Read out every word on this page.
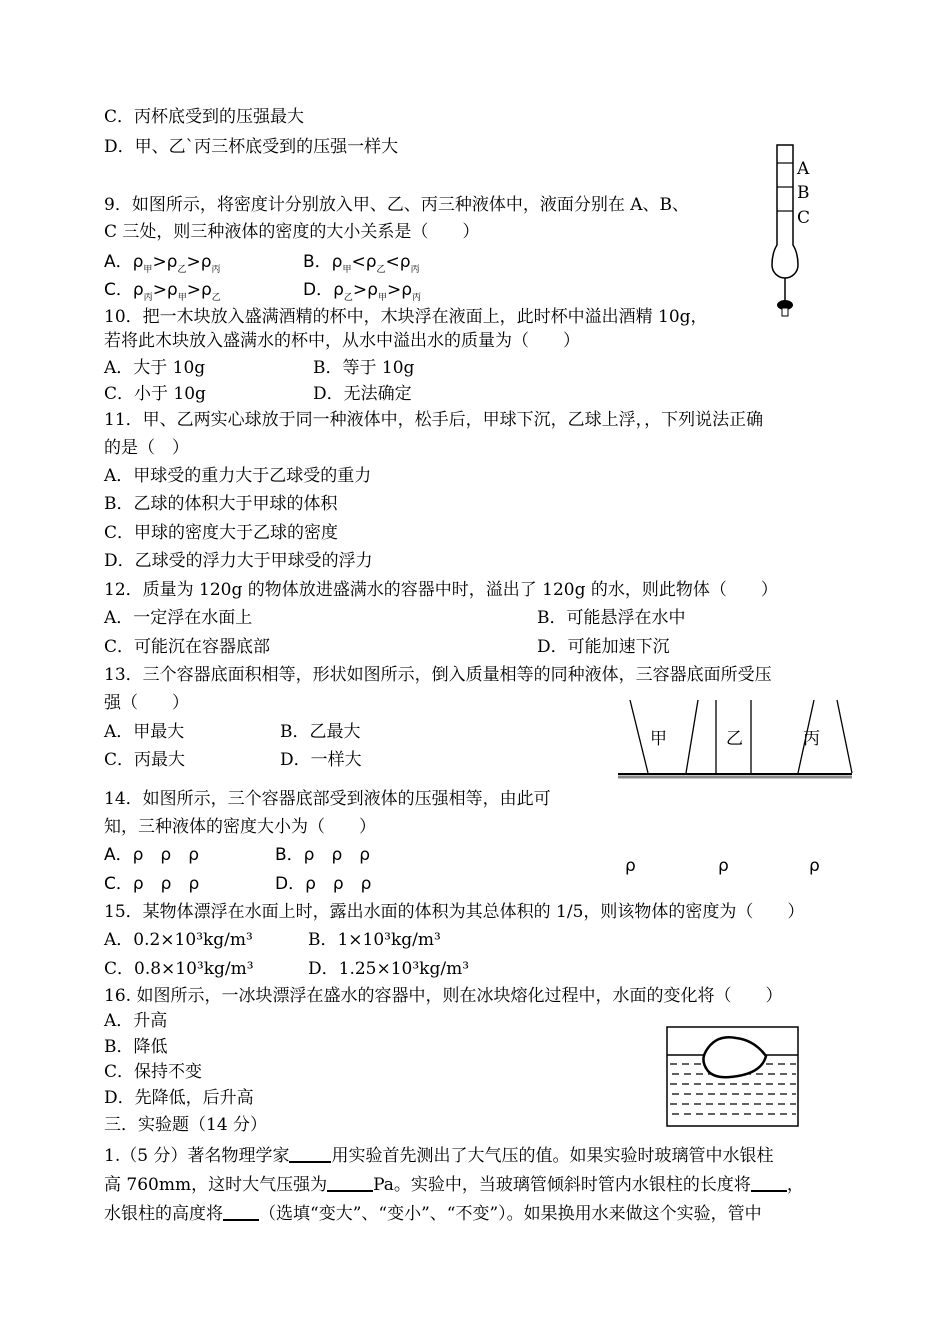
C．丙杯底受到的压强最大
D．甲、乙`丙三杯底受到的压强一样大
A
B
C
9．如图所示，将密度计分别放入甲、乙、丙三种液体中，液面分别在 A、B、
C 三处，则三种液体的密度的大小关系是（　　）
A．$\rho_甲>\rho_乙>\rho_丙$	B．$\rho_甲<\rho_乙<\rho_丙$
C．$\rho_丙>\rho_甲>\rho_乙$	D．$\rho_乙>\rho_甲>\rho_丙$
10．把一木块放入盛满酒精的杯中，木块浮在液面上，此时杯中溢出酒精 10g，
若将此木块放入盛满水的杯中，从水中溢出水的质量为（　　）
A．大于 10g	B．等于 10g
C．小于 10g	D．无法确定
11．甲、乙两实心球放于同一种液体中，松手后，甲球下沉，乙球上浮，，下列说法正确
的是（　）
A．甲球受的重力大于乙球受的重力
B．乙球的体积大于甲球的体积
C．甲球的密度大于乙球的密度
D．乙球受的浮力大于甲球受的浮力
12．质量为 120g 的物体放进盛满水的容器中时，溢出了 120g 的水，则此物体（　　）
A．一定浮在水面上	B．可能悬浮在水中
C．可能沉在容器底部	D．可能加速下沉
13．三个容器底面积相等，形状如图所示，倒入质量相等的同种液体，三容器底面所受压
强（　　）
A．甲最大	B．乙最大
C．丙最大	D．一样大
甲	乙	丙
14．如图所示，三个容器底部受到液体的压强相等，由此可
知，三种液体的密度大小为（　　）
A．ρ　ρ　ρ	B．ρ　ρ　ρ
C．ρ　ρ　ρ	D．ρ　ρ　ρ
ρ	ρ	ρ
15．某物体漂浮在水面上时，露出水面的体积为其总体积的 1/5，则该物体的密度为（　　）
A．0.2×10³kg/m³	B．1×10³kg/m³
C．0.8×10³kg/m³	D．1.25×10³kg/m³
16. 如图所示，一冰块漂浮在盛水的容器中，则在冰块熔化过程中，水面的变化将（　　）
A．升高
B．降低
C．保持不变
D．先降低，后升高
三．实验题（14 分）
1.（5 分）著名物理学家 用实验首先测出了大气压的值。如果实验时玻璃管中水银柱
高 760mm，这时大气压强为	Pa。实验中，当玻璃管倾斜时管内水银柱的长度将 ，
水银柱的高度将 （选填“变大”、“变小”、“不变”）。如果换用水来做这个实验，管中
